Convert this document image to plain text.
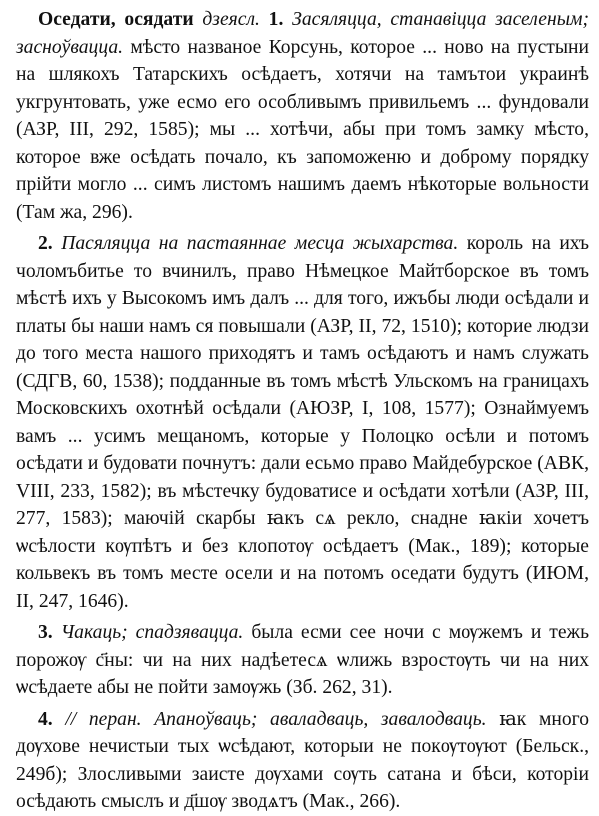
Оседати, осядати дзеясл. 1. Засяляцца, станавіцца заселеным; засноўвацца. мѣсто названое Корсунь, которое ... ново на пустыни на шлякохъ Татарскихъ осѣдаетъ, хотячи на тамътои украинѣ укгрунтовать, уже есмо его особливымъ привильемъ ... фундовали (АЗР, III, 292, 1585); мы ... хотѣчи, абы при томъ замку мѣсто, которое вже осѣдать почало, къ запоможеню и доброму порядку прійти могло ... симъ листомъ нашимъ даемъ нѣкоторые вольности (Там жа, 296).

2. Пасяляцца на пастаяннае месца жыхарства. король на ихъ чоломъбитье то вчинилъ, право Нѣмецкое Майтборское въ томъ мѣстѣ ихъ у Высокомъ имъ далъ ... для того, ижъбы люди осѣдали и платы бы наши намъ ся повышали (АЗР, II, 72, 1510); которие людзи до того места нашого приходятъ и тамъ осѣдаютъ и намъ служать (СДГВ, 60, 1538); подданные въ томъ мѣстѣ Ульскомъ на границахъ Московскихъ охотнѣй осѣдали (АЮЗР, I, 108, 1577); Ознаймуемъ вамъ ... усимъ мещаномъ, которые у Полоцко осѣли и потомъ осѣдати и будовати почнутъ: дали есьмо право Майдебурское (АВК, VIII, 233, 1582); въ мѣстечку будоватисе и осѣдати хотѣли (АЗР, III, 277, 1583); маючій скарбы ꙗкъ сѧ рекло, снадне ꙗкіи хочетъ ѡсѣлости кѹпѣтъ и без клопотѹ осѣдаетъ (Мак., 189); которые кольвекъ въ томъ месте осели и на потомъ оседати будутъ (ИЮМ, II, 247, 1646).

3. Чакаць; спадзявацца. была есми сее ночи с мѹжемъ и тежь порожѹ с҃ны: чи на них надѣетесѧ ѡлижь взростѹть чи на них ѡсѣдаете абы не пойти замѹжь (Зб. 262, 31).

4. // перан. Апаноўваць; аваладваць, завалодваць. ꙗк много дѹхове нечистыи тых ѡсѣдают, которыи не покѹтѹют (Бельск., 249б); Злосливыми заисте дѹхами сѹть сатана и бѣси, которіи осѣдають смыслъ и д҃шѹ зводѧтъ (Мак., 266).
